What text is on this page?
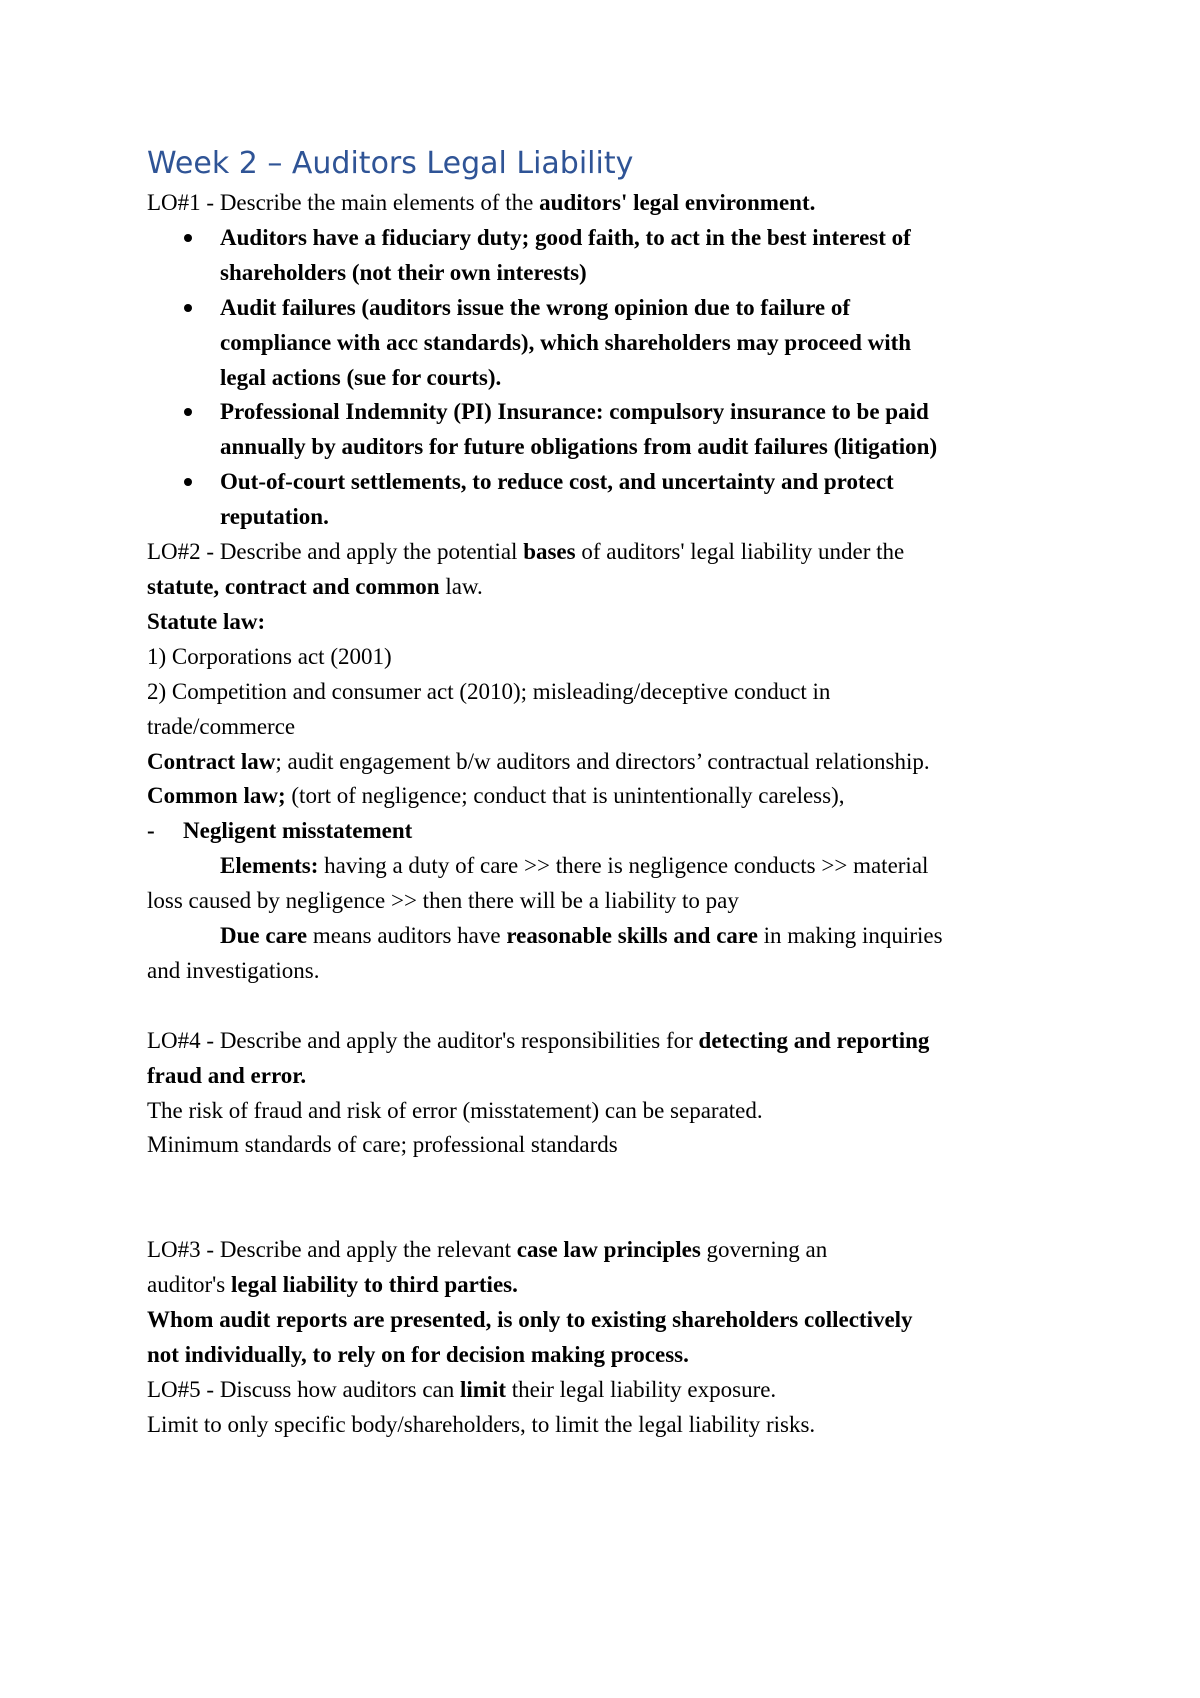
Week 2 – Auditors Legal Liability
LO#1 - Describe the main elements of the auditors' legal environment.
Auditors have a fiduciary duty; good faith, to act in the best interest of
shareholders (not their own interests)
Audit failures (auditors issue the wrong opinion due to failure of
compliance with acc standards), which shareholders may proceed with
legal actions (sue for courts).
Professional Indemnity (PI) Insurance: compulsory insurance to be paid
annually by auditors for future obligations from audit failures (litigation)
Out-of-court settlements, to reduce cost, and uncertainty and protect
reputation.
LO#2 - Describe and apply the potential bases of auditors' legal liability under the
statute, contract and common law.
Statute law:
1) Corporations act (2001)
2) Competition and consumer act (2010); misleading/deceptive conduct in
trade/commerce
Contract law; audit engagement b/w auditors and directors’ contractual relationship.
Common law; (tort of negligence; conduct that is unintentionally careless),
- Negligent misstatement
Elements: having a duty of care >> there is negligence conducts >> material
loss caused by negligence >> then there will be a liability to pay
Due care means auditors have reasonable skills and care in making inquiries
and investigations.
LO#4 - Describe and apply the auditor's responsibilities for detecting and reporting
fraud and error.
The risk of fraud and risk of error (misstatement) can be separated.
Minimum standards of care; professional standards
LO#3 - Describe and apply the relevant case law principles governing an
auditor's legal liability to third parties.
Whom audit reports are presented, is only to existing shareholders collectively
not individually, to rely on for decision making process.
LO#5 - Discuss how auditors can limit their legal liability exposure.
Limit to only specific body/shareholders, to limit the legal liability risks.
